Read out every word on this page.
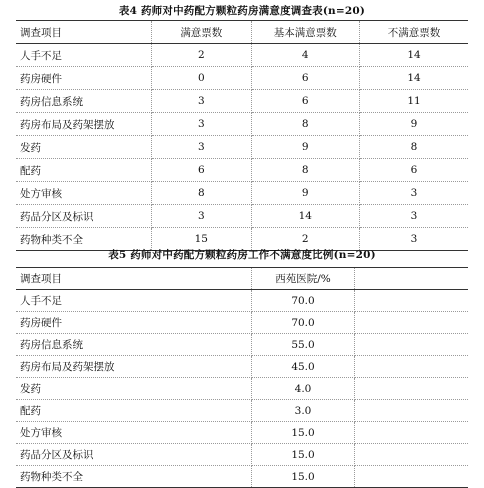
表4 药师对中药配方颗粒药房满意度调查表(n=20)
调查项目	满意票数	基本满意票数	不满意票数
人手不足	2	4	14
药房硬件	0	6	14
药房信息系统	3	6	11
药房布局及药架摆放	3	8	9
发药	3	9	8
配药	6	8	6
处方审核	8	9	3
药品分区及标识	3	14	3
药物种类不全	15	2	3
表5 药师对中药配方颗粒药房工作不满意度比例(n=20)
调查项目	西苑医院/%	
人手不足	70.0	
药房硬件	70.0	
药房信息系统	55.0	
药房布局及药架摆放	45.0	
发药	4.0	
配药	3.0	
处方审核	15.0	
药品分区及标识	15.0	
药物种类不全	15.0	
